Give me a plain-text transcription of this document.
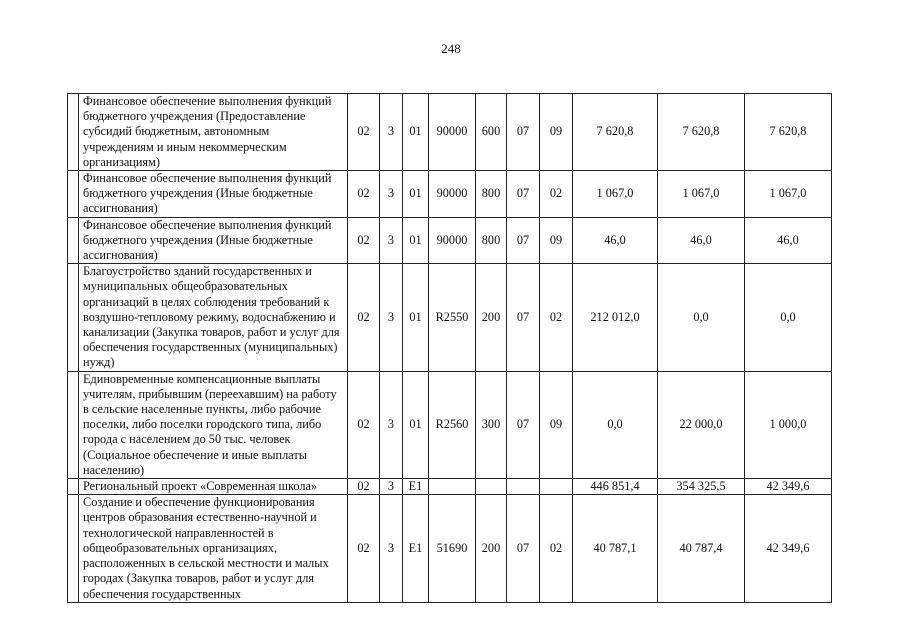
248
	Финансовое обеспечение выполнения функций бюджетного учреждения (Предоставление субсидий бюджетным, автономным учреждениям и иным некоммерческим организациям)	02	3	01	90000	600	07	09	7 620,8	7 620,8	7 620,8
	Финансовое обеспечение выполнения функций бюджетного учреждения (Иные бюджетные ассигнования)	02	3	01	90000	800	07	02	1 067,0	1 067,0	1 067,0
	Финансовое обеспечение выполнения функций бюджетного учреждения (Иные бюджетные ассигнования)	02	3	01	90000	800	07	09	46,0	46,0	46,0
	Благоустройство зданий государственных и муниципальных общеобразовательных организаций в целях соблюдения требований к воздушно-тепловому режиму, водоснабжению и канализации (Закупка товаров, работ и услуг для обеспечения государственных (муниципальных) нужд)	02	3	01	R2550	200	07	02	212 012,0	0,0	0,0
	Единовременные компенсационные выплаты учителям, прибывшим (переехавшим) на работу в сельские населенные пункты, либо рабочие поселки, либо поселки городского типа, либо города с населением до 50 тыс. человек (Социальное обеспечение и иные выплаты населению)	02	3	01	R2560	300	07	09	0,0	22 000,0	1 000,0
	Региональный проект «Современная школа»	02	3	E1					446 851,4	354 325,5	42 349,6
	Создание и обеспечение функционирования центров образования естественно-научной и технологической направленностей в общеобразовательных организациях, расположенных в сельской местности и малых городах (Закупка товаров, работ и услуг для обеспечения государственных	02	3	E1	51690	200	07	02	40 787,1	40 787,4	42 349,6
